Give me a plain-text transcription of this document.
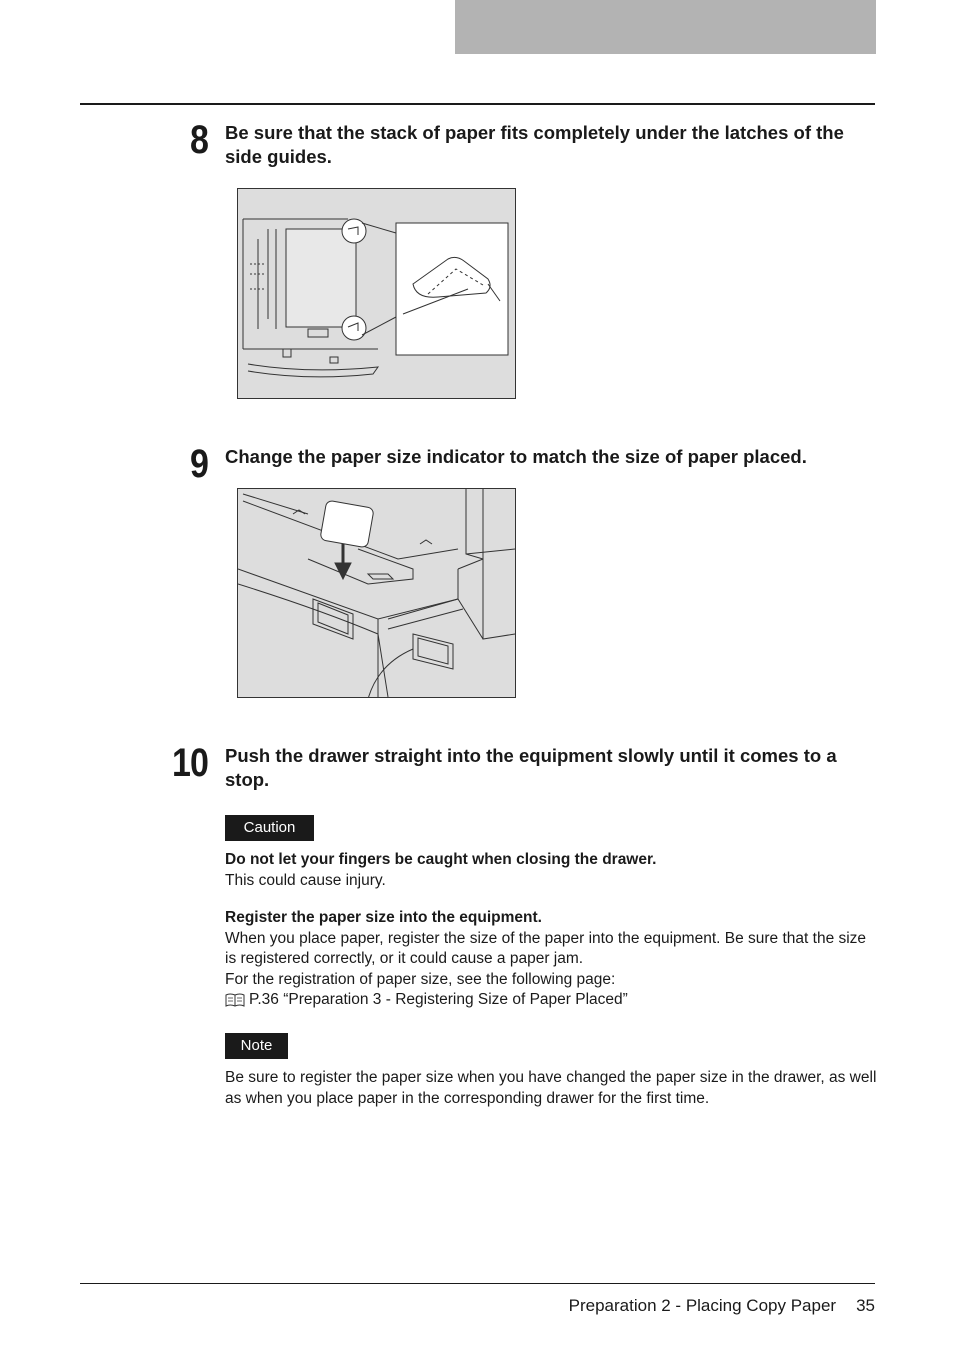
8 Be sure that the stack of paper fits completely under the latches of the side guides.
9 Change the paper size indicator to match the size of paper placed.
10 Push the drawer straight into the equipment slowly until it comes to a stop.
Caution
Do not let your fingers be caught when closing the drawer.
This could cause injury.
Register the paper size into the equipment.
When you place paper, register the size of the paper into the equipment. Be sure that the size is registered correctly, or it could cause a paper jam.
For the registration of paper size, see the following page:
P.36 “Preparation 3 - Registering Size of Paper Placed”
Note
Be sure to register the paper size when you have changed the paper size in the drawer, as well as when you place paper in the corresponding drawer for the first time.
Preparation 2 - Placing Copy Paper 35
